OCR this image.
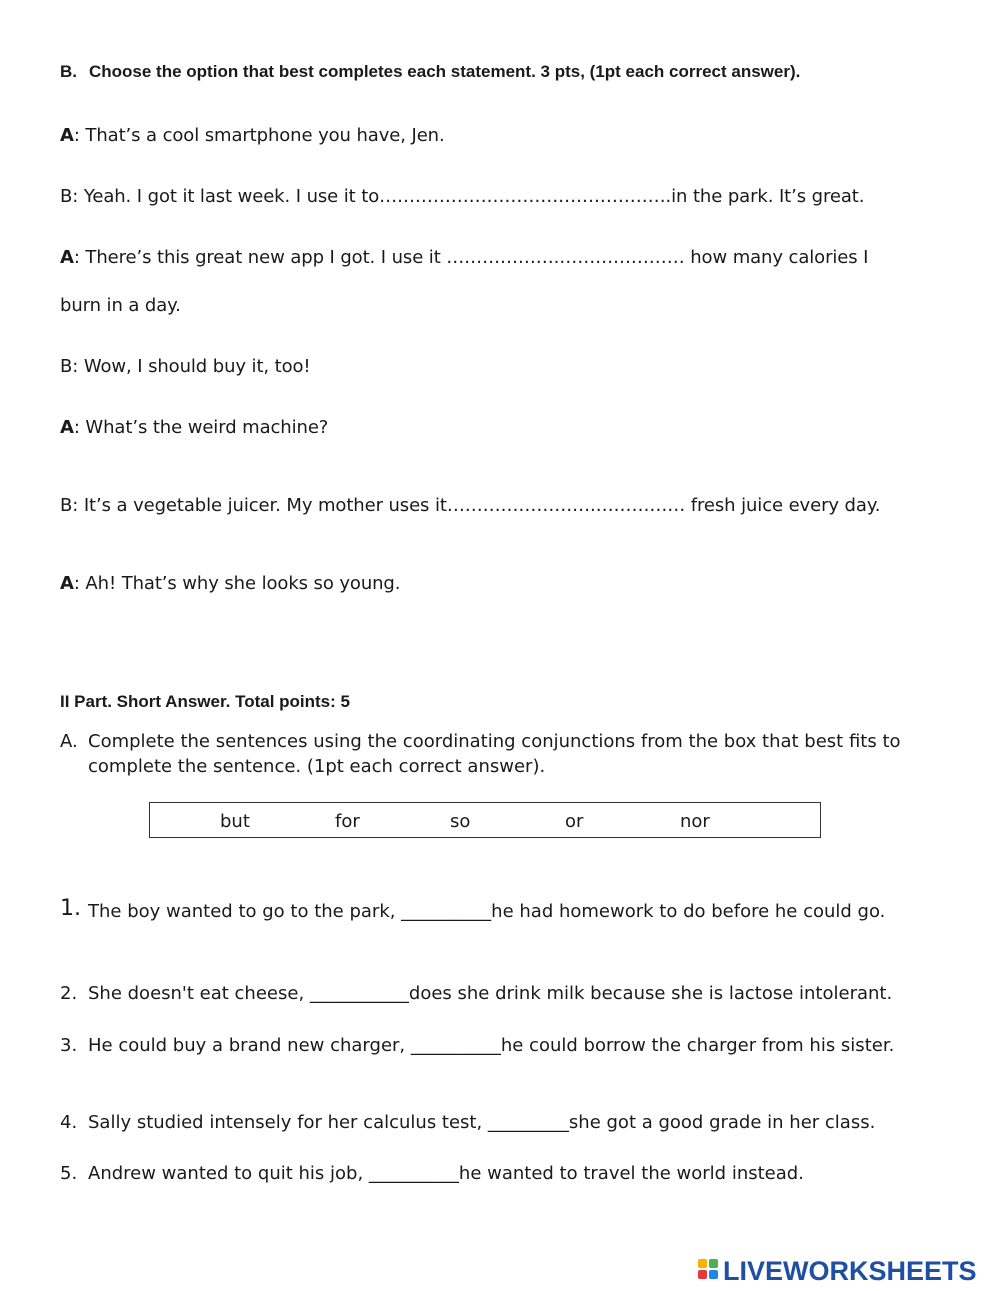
B. Choose the option that best completes each statement. 3 pts, (1pt each correct answer).
A: That’s a cool smartphone you have, Jen.
B: Yeah. I got it last week. I use it to………………………………………….in the park. It’s great.
A: There’s this great new app I got. I use it ……………….………………… how many calories I
burn in a day.
B: Wow, I should buy it, too!
A: What’s the weird machine?
B: It’s a vegetable juicer. My mother uses it…………………….…………… fresh juice every day.
A: Ah! That’s why she looks so young.
II Part. Short Answer. Total points: 5
A. Complete the sentences using the coordinating conjunctions from the box that best fits to complete the sentence. (1pt each correct answer).
but	for	so	or	nor
1. The boy wanted to go to the park, __________he had homework to do before he could go.
2. She doesn't eat cheese, ___________does she drink milk because she is lactose intolerant.
3. He could buy a brand new charger, __________he could borrow the charger from his sister.
4. Sally studied intensely for her calculus test, _________she got a good grade in her class.
5. Andrew wanted to quit his job, __________he wanted to travel the world instead.
LIVEWORKSHEETS
